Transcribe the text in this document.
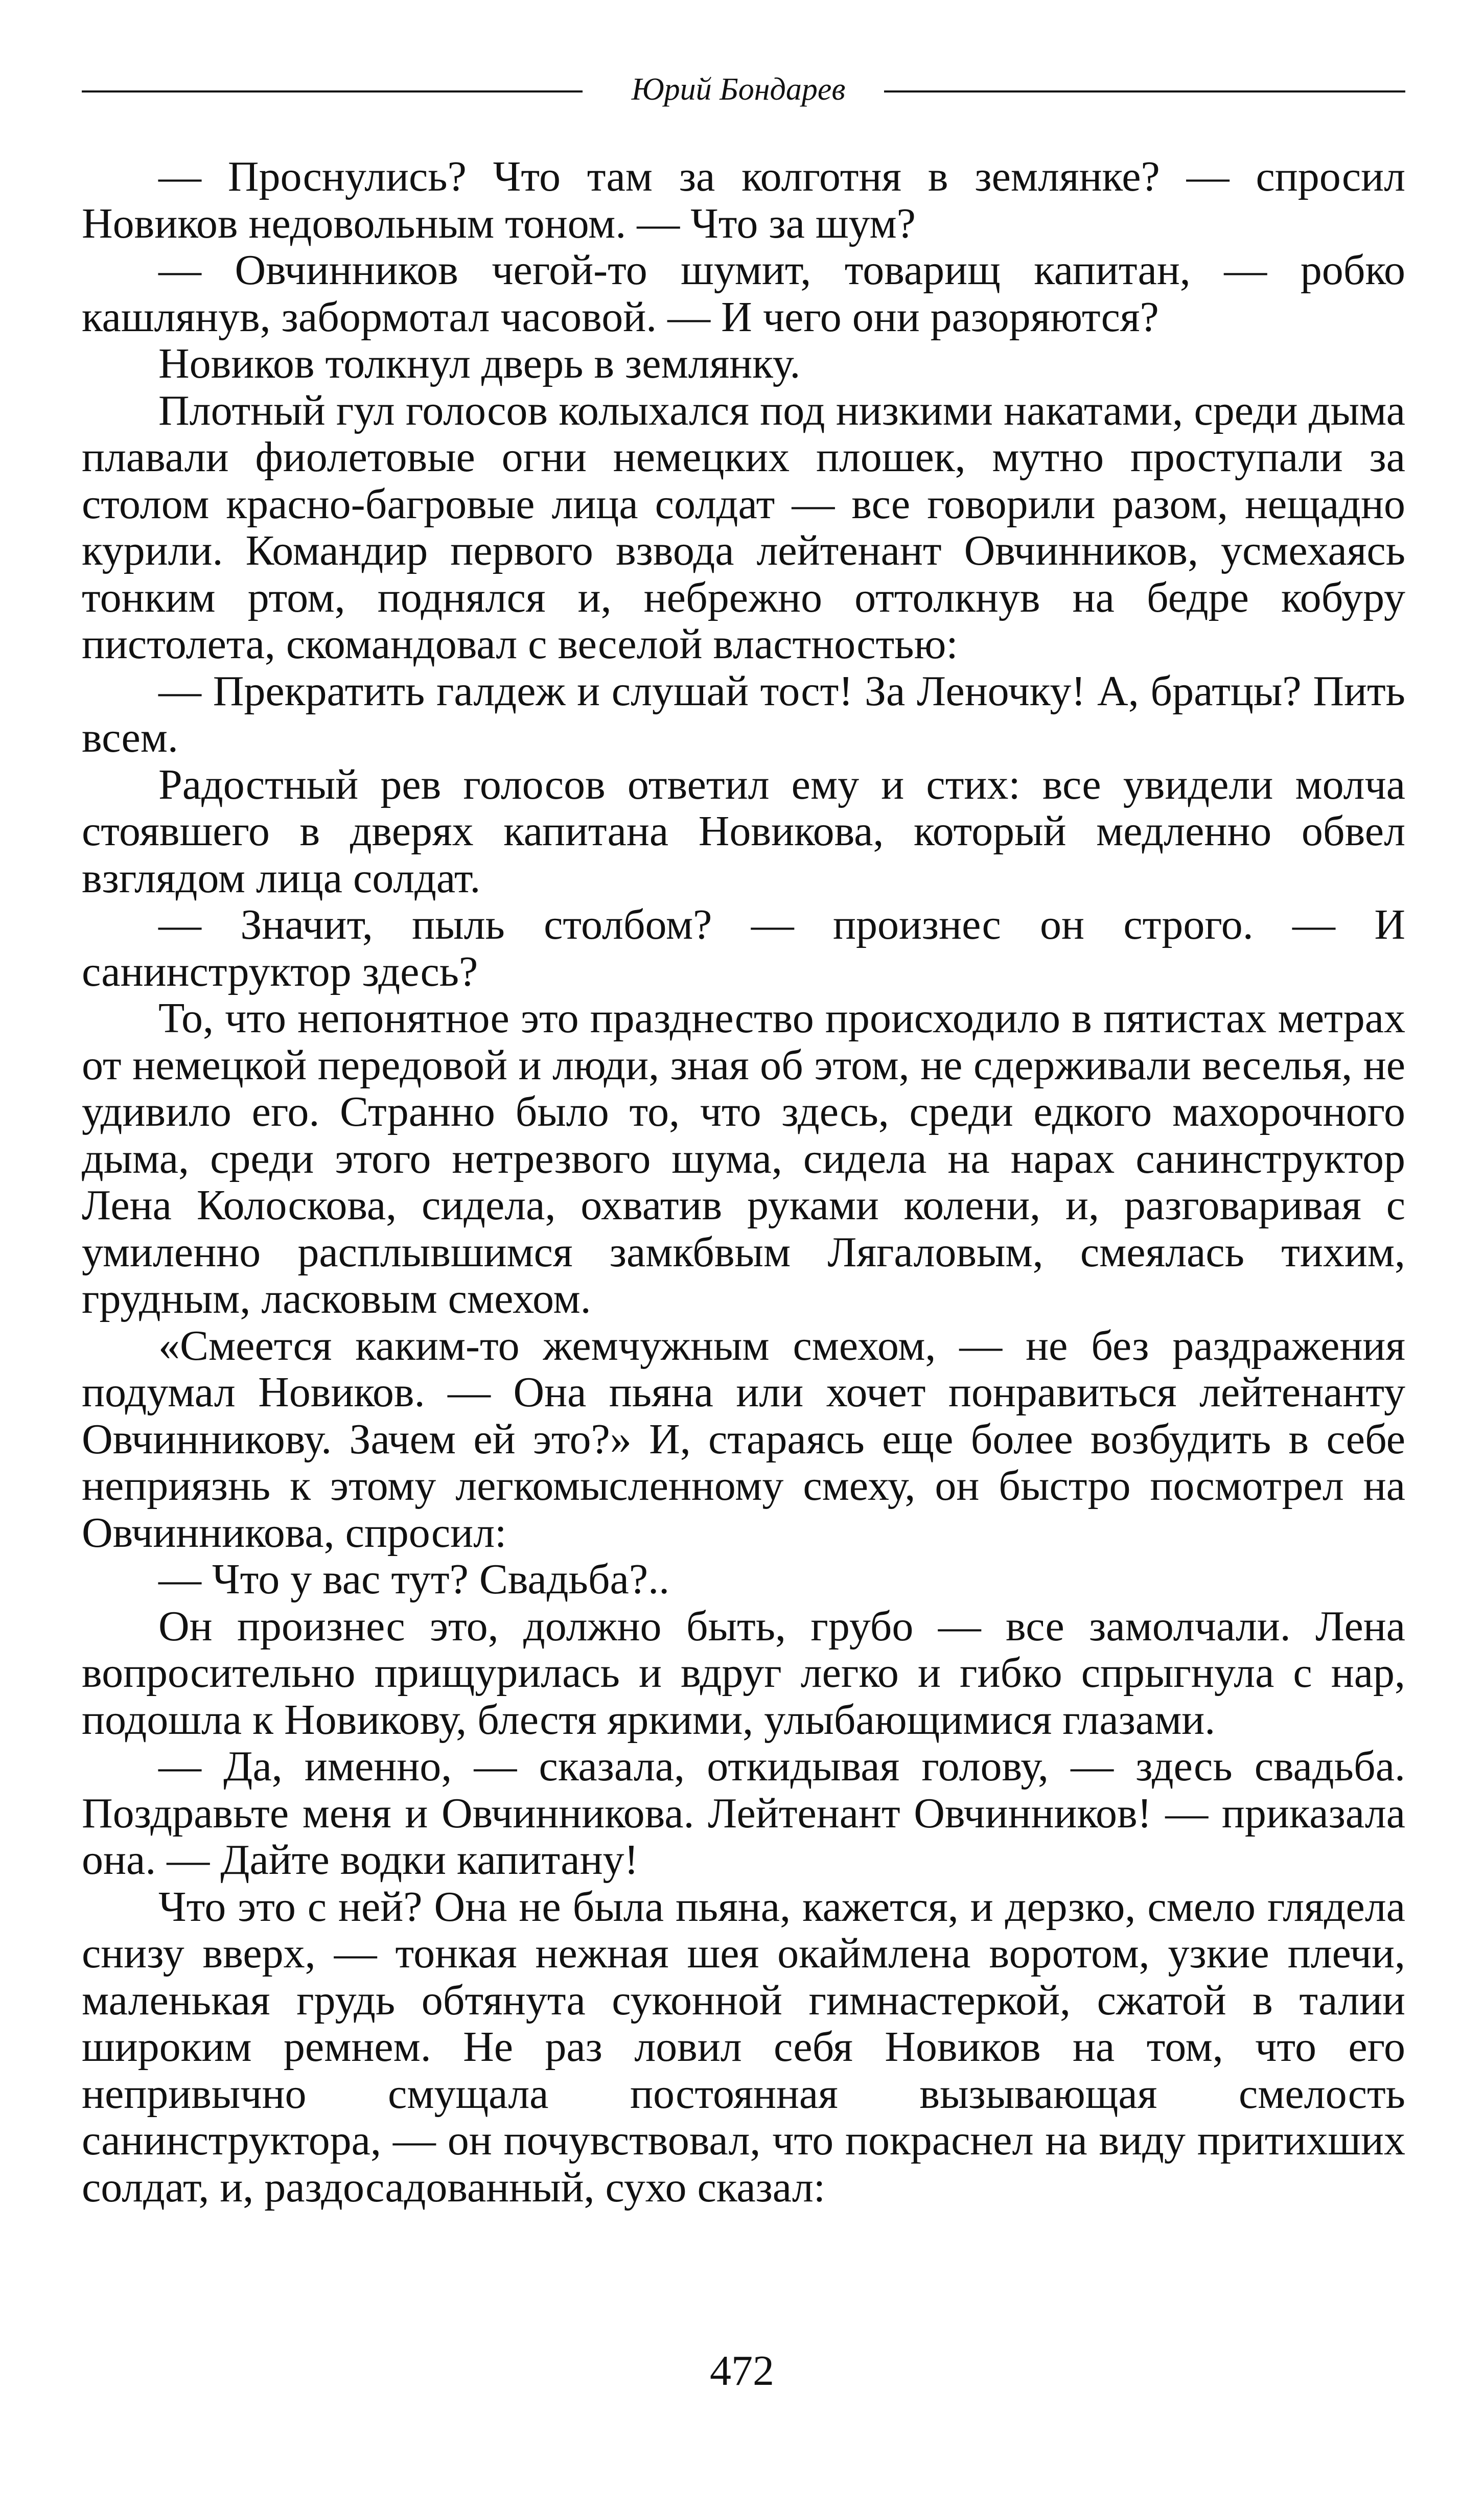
Юрий Бондарев

— Проснулись? Что там за колготня в землянке? — спросил Новиков недовольным тоном. — Что за шум?

— Овчинников чегой-то шумит, товарищ капитан, — робко кашлянув, забормотал часовой. — И чего они разоряются?

Новиков толкнул дверь в землянку.

Плотный гул голосов колыхался под низкими накатами, среди дыма плавали фиолетовые огни немецких плошек, мутно проступали за столом красно-багровые лица солдат — все говорили разом, нещадно курили. Командир первого взвода лейтенант Овчинников, усмехаясь тонким ртом, поднялся и, небрежно оттолкнув на бедре кобуру пистолета, скомандовал с веселой властностью:

— Прекратить галдеж и слушай тост! За Леночку! А, братцы? Пить всем.

Радостный рев голосов ответил ему и стих: все увидели молча стоявшего в дверях капитана Новикова, который медленно обвел взглядом лица солдат.

— Значит, пыль столбом? — произнес он строго. — И санинструктор здесь?

То, что непонятное это празднество происходило в пятистах метрах от немецкой передовой и люди, зная об этом, не сдерживали веселья, не удивило его. Странно было то, что здесь, среди едкого махорочного дыма, среди этого нетрезвого шума, сидела на нарах санинструктор Лена Колоскова, сидела, охватив руками колени, и, разговаривая с умиленно расплывшимся замкбвым Лягаловым, смеялась тихим, грудным, ласковым смехом.

«Смеется каким-то жемчужным смехом, — не без раздражения подумал Новиков. — Она пьяна или хочет понравиться лейтенанту Овчинникову. Зачем ей это?» И, стараясь еще более возбудить в себе неприязнь к этому легкомысленному смеху, он быстро посмотрел на Овчинникова, спросил:

— Что у вас тут? Свадьба?..

Он произнес это, должно быть, грубо — все замолчали. Лена вопросительно прищурилась и вдруг легко и гибко спрыгнула с нар, подошла к Новикову, блестя яркими, улыбающимися глазами.

— Да, именно, — сказала, откидывая голову, — здесь свадьба. Поздравьте меня и Овчинникова. Лейтенант Овчинников! — приказала она. — Дайте водки капитану!

Что это с ней? Она не была пьяна, кажется, и дерзко, смело глядела снизу вверх, — тонкая нежная шея окаймлена воротом, узкие плечи, маленькая грудь обтянута суконной гимнастеркой, сжатой в талии широким ремнем. Не раз ловил себя Новиков на том, что его непривычно смущала постоянная вызывающая смелость санинструктора, — он почувствовал, что покраснел на виду притихших солдат, и, раздосадованный, сухо сказал:

472
